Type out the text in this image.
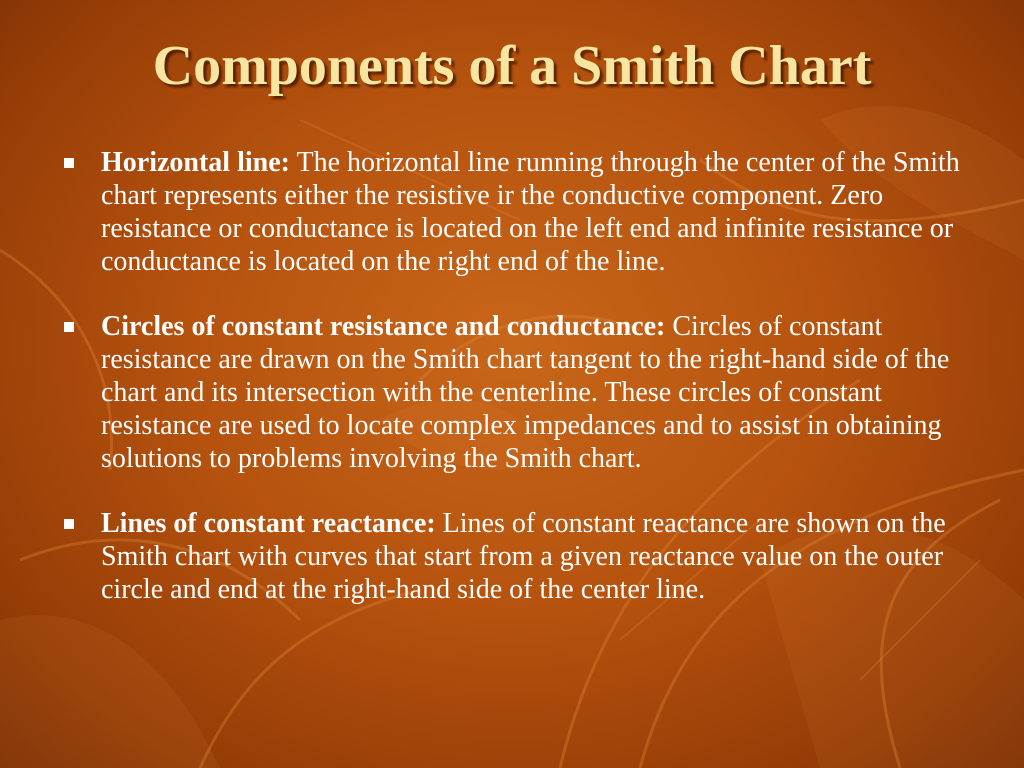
Components of a Smith Chart
Horizontal line: The horizontal line running through the center of the Smith chart represents either the resistive ir the conductive component. Zero resistance or conductance is located on the left end and infinite resistance or conductance is located on the right end of the line.
Circles of constant resistance and conductance: Circles of constant resistance are drawn on the Smith chart tangent to the right-hand side of the chart and its intersection with the centerline. These circles of constant resistance are used to locate complex impedances and to assist in obtaining solutions to problems involving the Smith chart.
Lines of constant reactance: Lines of constant reactance are shown on the Smith chart with curves that start from a given reactance value on the outer circle and end at the right-hand side of the center line.
